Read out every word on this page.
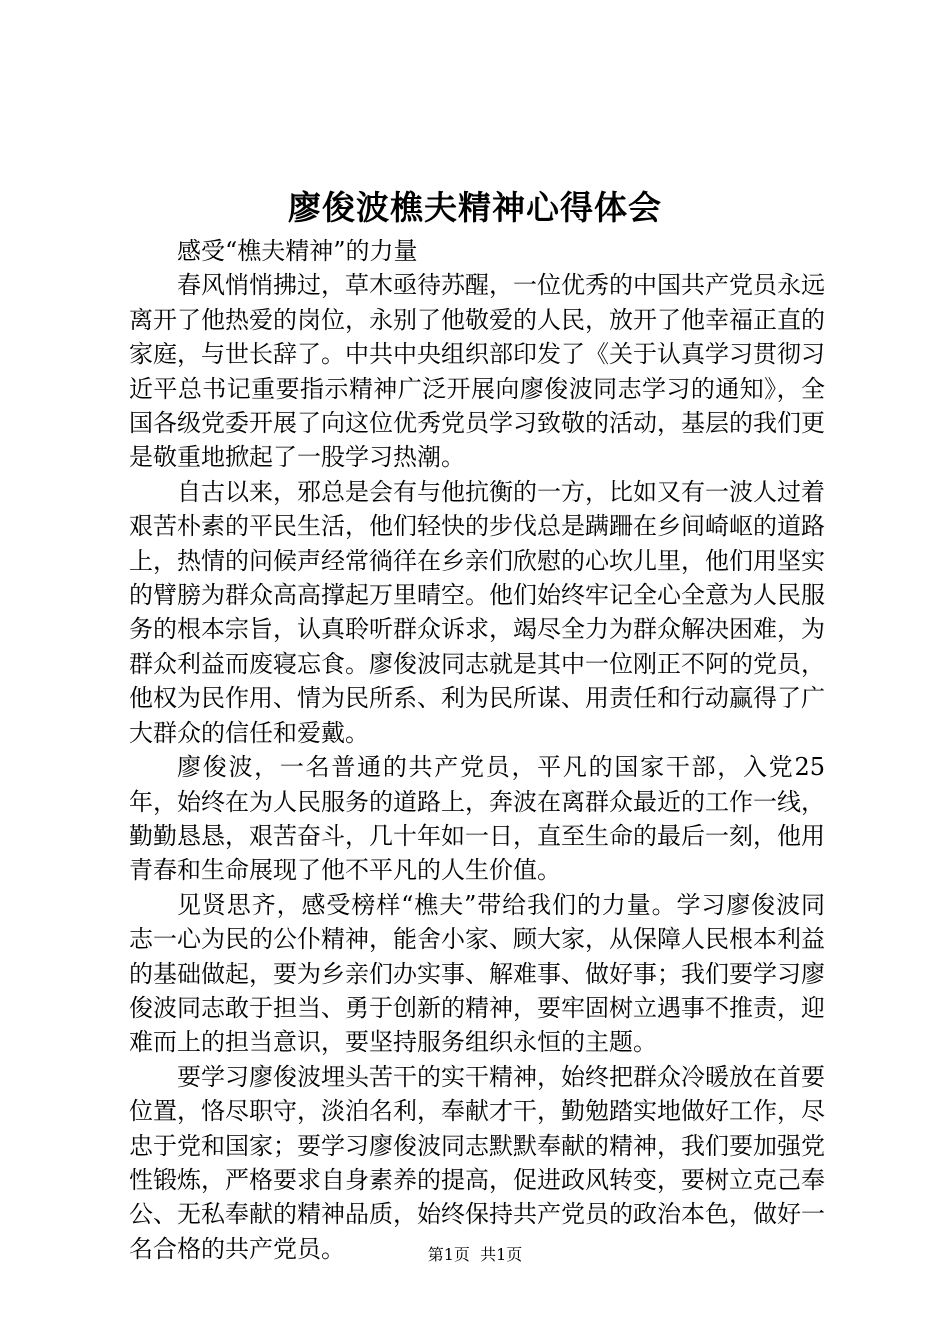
廖俊波樵夫精神心得体会

感受“樵夫精神”的力量

春风悄悄拂过，草木亟待苏醒，一位优秀的中国共产党员永远离开了他热爱的岗位，永别了他敬爱的人民，放开了他幸福正直的家庭，与世长辞了。中共中央组织部印发了《关于认真学习贯彻习近平总书记重要指示精神广泛开展向廖俊波同志学习的通知》，全国各级党委开展了向这位优秀党员学习致敬的活动，基层的我们更是敬重地掀起了一股学习热潮。

自古以来，邪总是会有与他抗衡的一方，比如又有一波人过着艰苦朴素的平民生活，他们轻快的步伐总是蹒跚在乡间崎岖的道路上，热情的问候声经常徜徉在乡亲们欣慰的心坎儿里，他们用坚实的臂膀为群众高高撑起万里晴空。他们始终牢记全心全意为人民服务的根本宗旨，认真聆听群众诉求，竭尽全力为群众解决困难，为群众利益而废寝忘食。廖俊波同志就是其中一位刚正不阿的党员，他权为民作用、情为民所系、利为民所谋、用责任和行动赢得了广大群众的信任和爱戴。

廖俊波，一名普通的共产党员，平凡的国家干部，入党25年，始终在为人民服务的道路上，奔波在离群众最近的工作一线，勤勤恳恳，艰苦奋斗，几十年如一日，直至生命的最后一刻，他用青春和生命展现了他不平凡的人生价值。

见贤思齐，感受榜样“樵夫”带给我们的力量。学习廖俊波同志一心为民的公仆精神，能舍小家、顾大家，从保障人民根本利益的基础做起，要为乡亲们办实事、解难事、做好事；我们要学习廖俊波同志敢于担当、勇于创新的精神，要牢固树立遇事不推责，迎难而上的担当意识，要坚持服务组织永恒的主题。

要学习廖俊波埋头苦干的实干精神，始终把群众冷暖放在首要位置，恪尽职守，淡泊名利，奉献才干，勤勉踏实地做好工作，尽忠于党和国家；要学习廖俊波同志默默奉献的精神，我们要加强党性锻炼，严格要求自身素养的提高，促进政风转变，要树立克己奉公、无私奉献的精神品质，始终保持共产党员的政治本色，做好一名合格的共产党员。	第1页 共1页
